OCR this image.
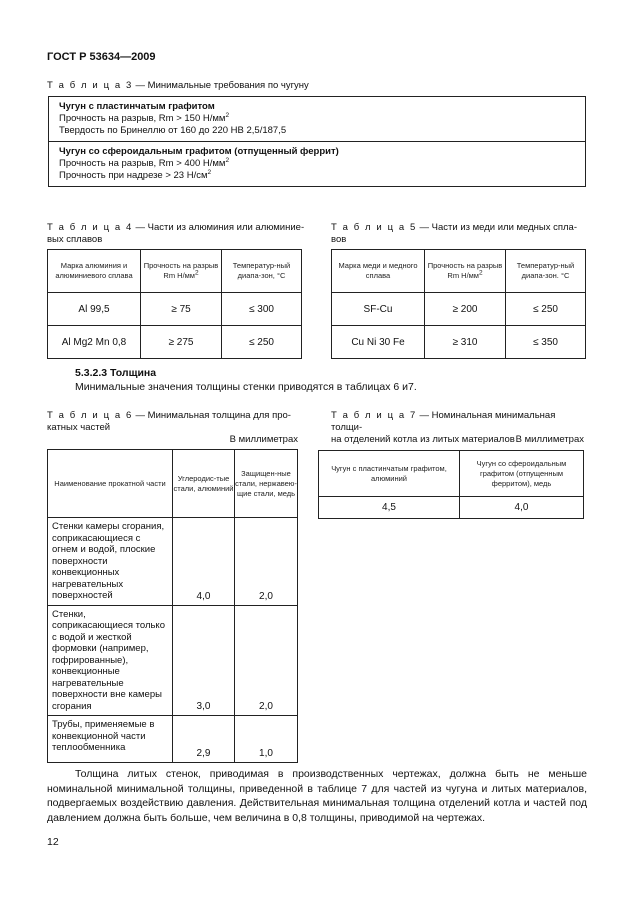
ГОСТ Р 53634—2009
Т а б л и ц а 3 — Минимальные требования по чугуну
Чугун с пластинчатым графитом
Прочность на разрыв, Rm > 150 $Н/мм^2$
Твердость по Бринеллю от 160 до 220 НВ 2,5/187,5
Чугун со сфероидальным графитом (отпущенный феррит)
Прочность на разрыв, Rm > 400 $Н/мм^2$
Прочность при надрезе > 23 $Н/см^2$
Т а б л и ц а 4 — Части из алюминия или алюминие-
вых сплавов
Марка алюминия и алюминиевого сплава	Прочность на разрыв Rm $Н/мм^2$	Температур-ный диапа-зон, °С
Al 99,5	≥ 75	≤ 300
Al Mg2 Mn 0,8	≥ 275	≤ 250
Т а б л и ц а 5 — Части из меди или медных спла-
вов
Марка меди и медного сплава	Прочность на разрыв Rm $Н/мм^2$	Температур-ный диапа-зон. °С
SF-Cu	≥ 200	≤ 250
Cu Ni 30 Fe	≥ 310	≤ 350
5.3.2.3 Толщина
Минимальные значения толщины стенки приводятся в таблицах 6 и7.
Т а б л и ц а 6 — Минимальная толщина для про-
катных частей
В миллиметрах
Наименование прокатной части	Углеродис-тые стали, алюминий	Защищен-ные стали, нержавею-щие стали, медь
Стенки камеры сгорания, соприкасающиеся с огнем и водой, плоские поверхности конвекционных нагревательных поверхностей	4,0	2,0
Стенки, соприкасающиеся только с водой и жесткой формовки (например, гофрированные), конвекционные нагревательные поверхности вне камеры сгорания	3,0	2,0
Трубы, применяемые в конвекционной части теплообменника	2,9	1,0
Т а б л и ц а 7 — Номинальная минимальная толщи-
на отделений котла из литых материалов В миллиметрах
Чугун с пластинчатым графитом, алюминий	Чугун со сфероидальным графитом (отпущенным ферритом), медь
4,5	4,0
Толщина литых стенок, приводимая в производственных чертежах, должна быть не меньше номинальной минимальной толщины, приведенной в таблице 7 для частей из чугуна и литых материалов, подвергаемых воздействию давления. Действительная минимальная толщина отделений котла и частей под давлением должна быть больше, чем величина в 0,8 толщины, приводимой на чертежах.
12
